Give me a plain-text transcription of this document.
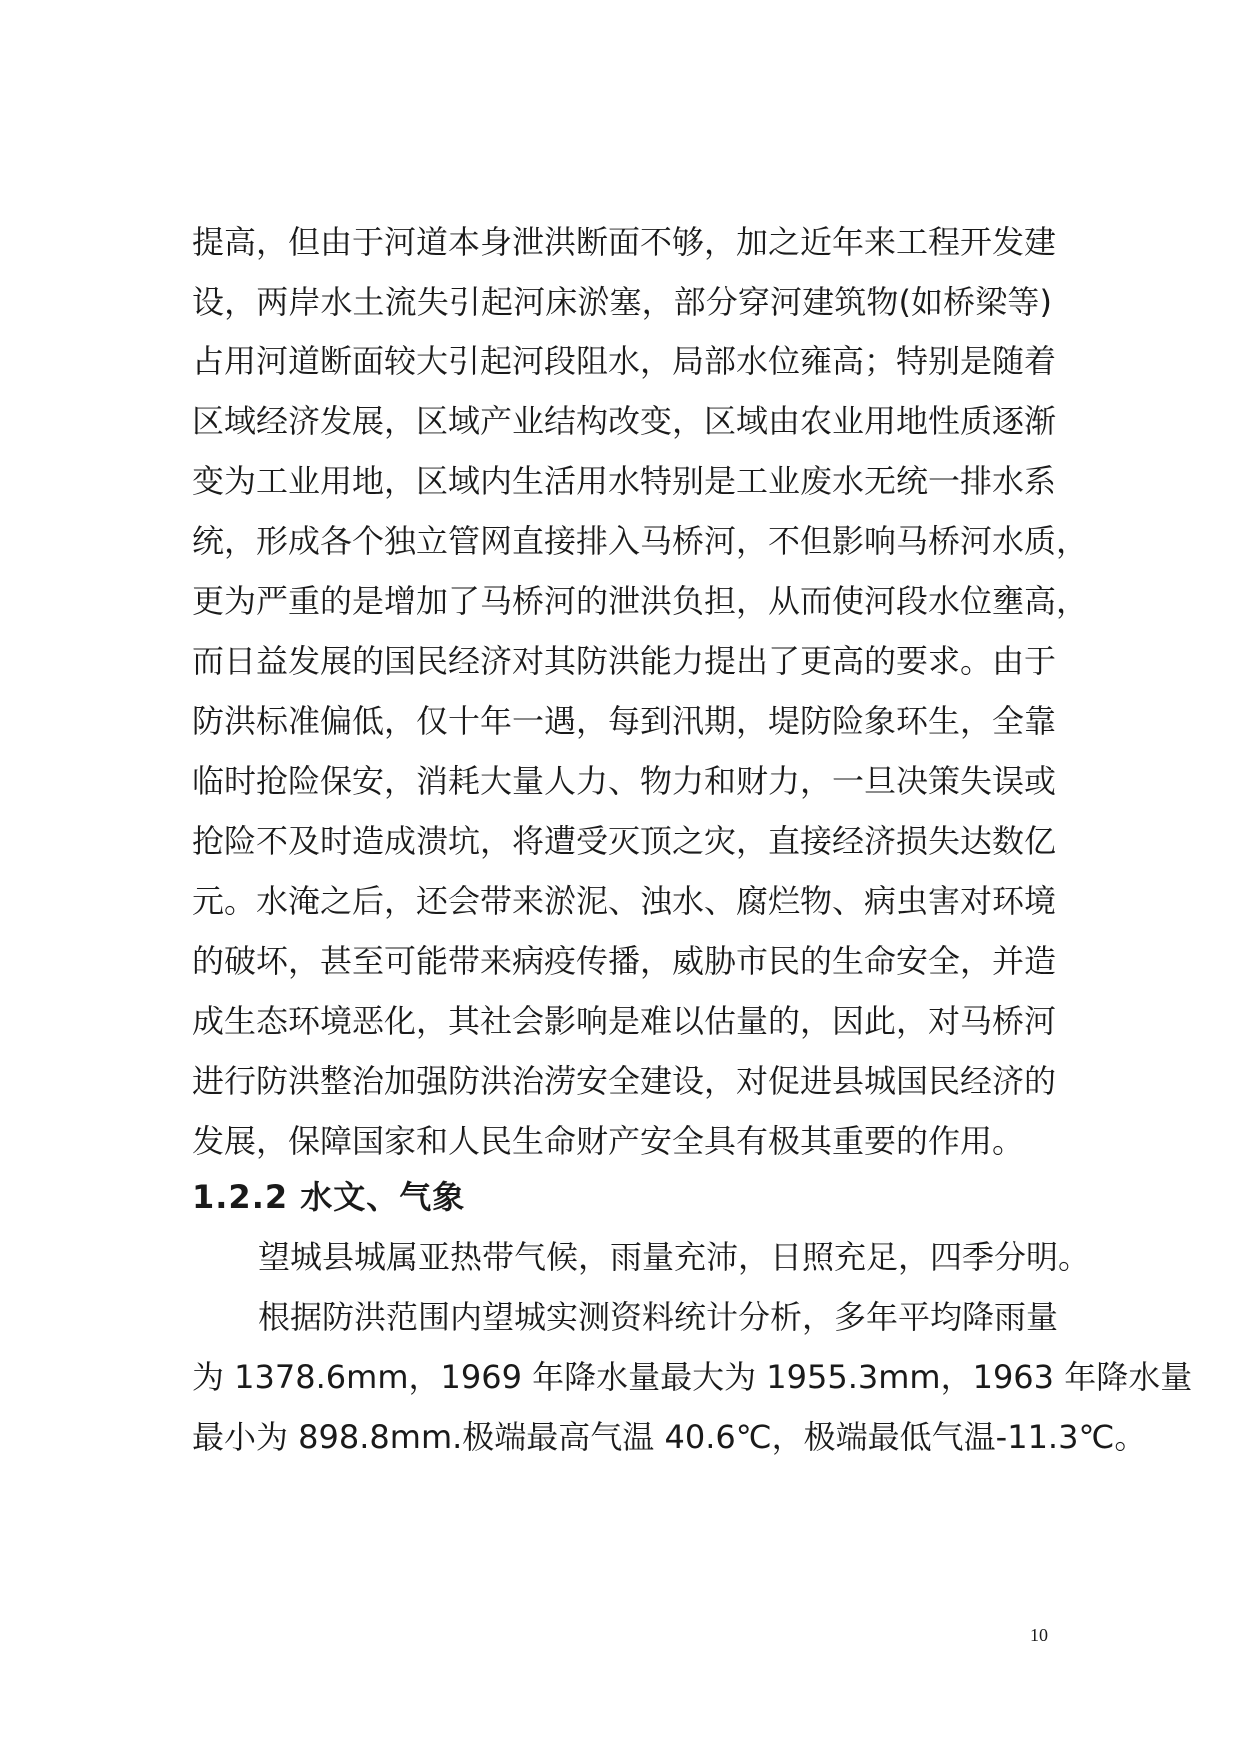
提高，但由于河道本身泄洪断面不够，加之近年来工程开发建
设，两岸水土流失引起河床淤塞，部分穿河建筑物(如桥梁等)
占用河道断面较大引起河段阻水，局部水位雍高；特别是随着
区域经济发展，区域产业结构改变，区域由农业用地性质逐渐
变为工业用地，区域内生活用水特别是工业废水无统一排水系
统，形成各个独立管网直接排入马桥河，不但影响马桥河水质，
更为严重的是增加了马桥河的泄洪负担，从而使河段水位壅高，
而日益发展的国民经济对其防洪能力提出了更高的要求。由于
防洪标准偏低，仅十年一遇，每到汛期，堤防险象环生，全靠
临时抢险保安，消耗大量人力、物力和财力，一旦决策失误或
抢险不及时造成溃坑，将遭受灭顶之灾，直接经济损失达数亿
元。水淹之后，还会带来淤泥、浊水、腐烂物、病虫害对环境
的破坏，甚至可能带来病疫传播，威胁市民的生命安全，并造
成生态环境恶化，其社会影响是难以估量的，因此，对马桥河
进行防洪整治加强防洪治涝安全建设，对促进县城国民经济的
发展，保障国家和人民生命财产安全具有极其重要的作用。
1.2.2 水文、气象
望城县城属亚热带气候，雨量充沛，日照充足，四季分明。
根据防洪范围内望城实测资料统计分析，多年平均降雨量
为 1378.6mm，1969 年降水量最大为 1955.3mm，1963 年降水量
最小为 898.8mm.极端最高气温 40.6℃，极端最低气温-11.3℃。
10
